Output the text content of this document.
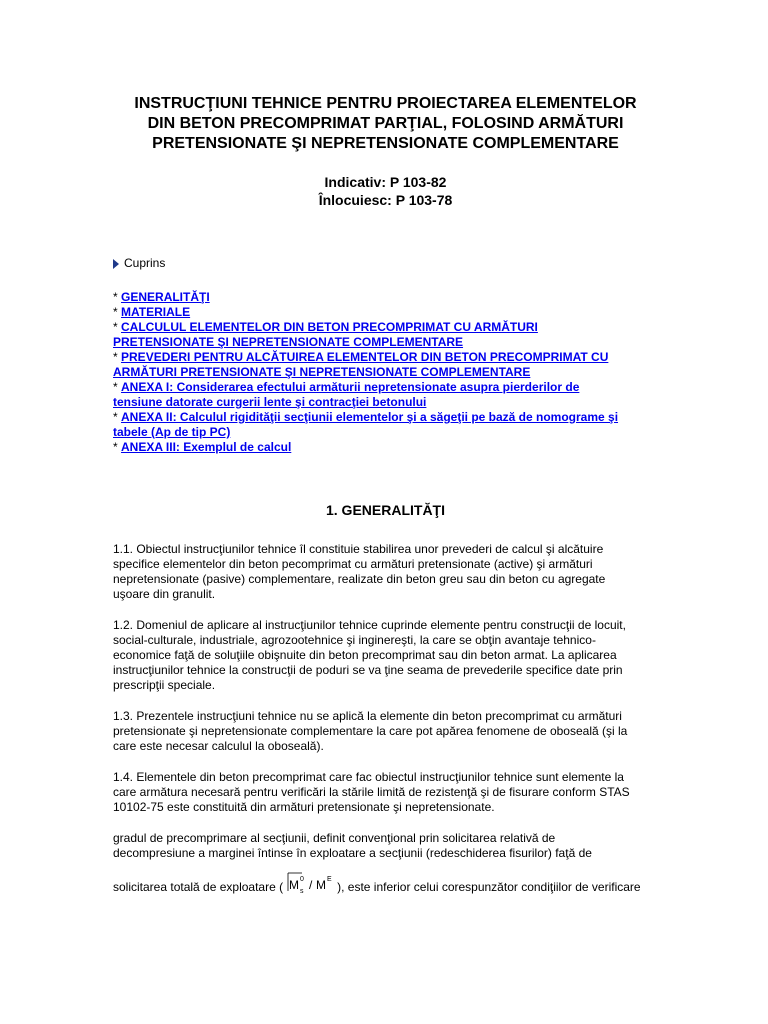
INSTRUCŢIUNI TEHNICE PENTRU PROIECTAREA ELEMENTELOR
DIN BETON PRECOMPRIMAT PARŢIAL, FOLOSIND ARMĂTURI
PRETENSIONATE ŞI NEPRETENSIONATE COMPLEMENTARE
Indicativ: P 103-82
Înlocuiesc: P 103-78
Cuprins
* GENERALITĂŢI
* MATERIALE
* CALCULUL ELEMENTELOR DIN BETON PRECOMPRIMAT CU ARMĂTURI
PRETENSIONATE ŞI NEPRETENSIONATE COMPLEMENTARE
* PREVEDERI PENTRU ALCĂTUIREA ELEMENTELOR DIN BETON PRECOMPRIMAT CU
ARMĂTURI PRETENSIONATE ŞI NEPRETENSIONATE COMPLEMENTARE
* ANEXA I: Considerarea efectului armăturii nepretensionate asupra pierderilor de
tensiune datorate curgerii lente şi contracţiei betonului
* ANEXA II: Calculul rigidităţii secţiunii elementelor şi a săgeţii pe bază de nomograme şi
tabele (Ap de tip PC)
* ANEXA III: Exemplul de calcul
1. GENERALITĂŢI
1.1. Obiectul instrucţiunilor tehnice îl constituie stabilirea unor prevederi de calcul şi alcătuire
specifice elementelor din beton pecomprimat cu armături pretensionate (active) şi armături
nepretensionate (pasive) complementare, realizate din beton greu sau din beton cu agregate
uşoare din granulit.
1.2. Domeniul de aplicare al instrucţiunilor tehnice cuprinde elemente pentru construcţii de locuit,
social-culturale, industriale, agrozootehnice şi inginereşti, la care se obţin avantaje tehnico-
economice faţă de soluţiile obişnuite din beton precomprimat sau din beton armat. La aplicarea
instrucţiunilor tehnice la construcţii de poduri se va ţine seama de prevederile specifice date prin
prescripţii speciale.
1.3. Prezentele instrucţiuni tehnice nu se aplică la elemente din beton precomprimat cu armături
pretensionate şi nepretensionate complementare la care pot apărea fenomene de oboseală (şi la
care este necesar calculul la oboseală).
1.4. Elementele din beton precomprimat care fac obiectul instrucţiunilor tehnice sunt elemente la
care armătura necesară pentru verificări la stările limită de rezistenţă şi de fisurare conform STAS
10102-75 este constituită din armături pretensionate şi nepretensionate.
gradul de precomprimare al secţiunii, definit convenţional prin solicitarea relativă de
decompresiune a marginei întinse în exploatare a secţiunii (redeschiderea fisurilor) faţă de
solicitarea totală de exploatare ( M 0
s / M E
), este inferior celui corespunzător condiţiilor de verificare
